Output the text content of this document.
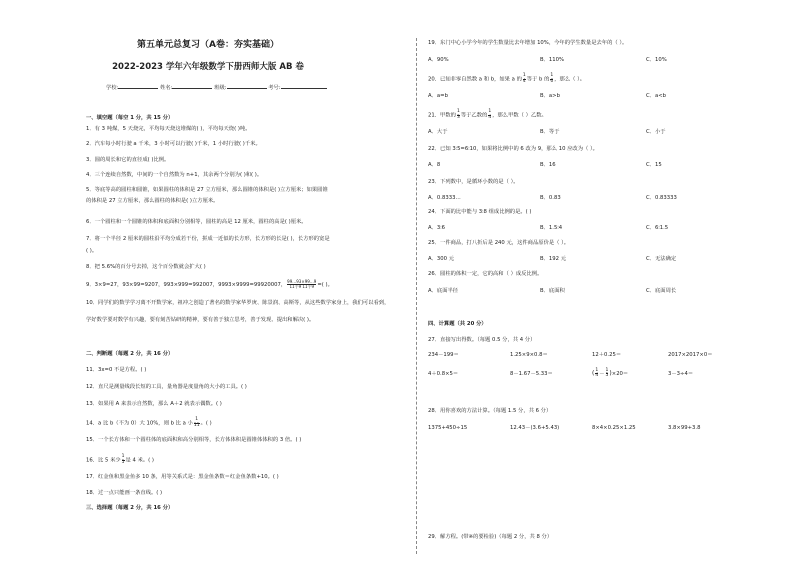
第五单元总复习（A卷：夯实基础）
2022-2023 学年六年级数学下册西师大版 AB 卷
学校:	姓名:	班级:	考号:
一、填空题（每空 1 分，共 15 分）
1．有 3 吨煤，5 天烧完，平均每天烧这堆煤的( )，平均每天烧( )吨。
2．汽车每小时行驶 a 千米，3 小时可以行驶( )千米，1 小时行驶( )千米。
3．圆的周长和它的直径成( )比例。
4．三个连续自然数，中间的一个自然数为 n+1，其余两个分别为( )和( )。
5．等底等高的圆柱和圆锥，如果圆柱的体积是 27 立方厘米，那么圆锥的体积是( )立方厘米；如果圆锥
的体积是 27 立方厘米，那么圆柱的体积是( )立方厘米。
6．一个圆柱和一个圆锥的体积和底面积分别相等，圆柱的高是 12 厘米，圆柱的高是( )厘米。
7．将一个半径 2 厘米的圆柱沿平均分成若干份，拼成一近似的长方形，长方形的长是( )，长方形的宽是
( )。
8．把 5.6%的百分号去掉，这个百分数就会扩大( )
9．3×9=27，93×99=9207，993×999=992007，9993×9999=99920007， $\frac{99\dots 93\times 99\dots 9}{\text{11个9 11个9}}$ =( )。
10．同学们的数学学习离不开数学家，祖冲之创造了著名的数学家华罗庚、陈景润、高斯等，从这些数学家身上，我们可以看到，
学好数学要对数学有兴趣，要有刻苦钻研的精神，要有善于独立思考，善于发现、提出和解决( )。
二、判断题（每题 2 分，共 16 分）
11．3x=0 不是方程。( )
12．直尺是测量线段长短的工具，量角器是度量角的大小的工具。( )
13．如果用 A 来表示自然数，那么 A＋2 就表示偶数。( )
14．a 比 b（不为 0）大 10%，则 b 比 a 小 $\frac{1}{11}$ 。( )
15．一个长方体和一个圆柱体的底面积和高分别相等，长方体体积是圆锥体体积的 3 倍。( )
16．比 5 米少 $\frac{1}{5}$ 是 4 米。( )
17．红金鱼和黑金鱼多 10 条，用等关系式是：黑金鱼条数＝红金鱼条数+10。( )
18．过一点只能画一条直线。( )
三、选择题（每题 2 分，共 16 分）
19．东门中心小学今年的学生数量比去年增加 10%，今年的学生数量是去年的（ ）。
A．90%	B．110%	C．10%
20．已知非零自然数 a 和 b，如果 a 的 $\frac{1}{4}$ 等于 b 的 $\frac{1}{6}$ ，那么（ ）。
A．a=b	B．a>b	C．a<b
21．甲数的 $\frac{1}{3}$ 等于乙数的 $\frac{1}{4}$ ，那么甲数（ ）乙数。
A．大于	B．等于	C．小于
22．已知 3∶5=6∶10，如果将比例中的 6 改为 9，那么 10 应改为（ ）。
A．8	B．16	C．15
23．下列数中，是循环小数的是（ ）。
A．0.8333…	B．0.83	C．0.83333
24．下面的比中能与 3∶8 组成比例的是。( )
A．3∶6	B．1.5∶4	C．6∶1.5
25．一件商品，打八折后是 240 元，这件商品原价是（ ）。
A．300 元	B．192 元	C．无法确定
26．圆柱的体积一定，它的高和（ ）成反比例。
A．底面半径	B．底面积	C．底面周长
四、计算题（共 20 分）
27．直接写出得数。（每题 0.5 分，共 4 分）
234－199＝	1.25×9×0.8＝	12＋0.25＝	2017×2017×0＝
4＋0.8×5＝	8－1.67－5.33＝	( $\frac{1}{4} - \frac{1}{5} )\times 20=$	3－3÷4＝
28．用你喜欢的方法计算。（每题 1.5 分，共 6 分）
1375+450÷15	12.43－(3.6+5.43)	8×4×0.25×1.25	3.8×99+3.8
29．解方程。(带※的要检验)（每题 2 分，共 8 分）
